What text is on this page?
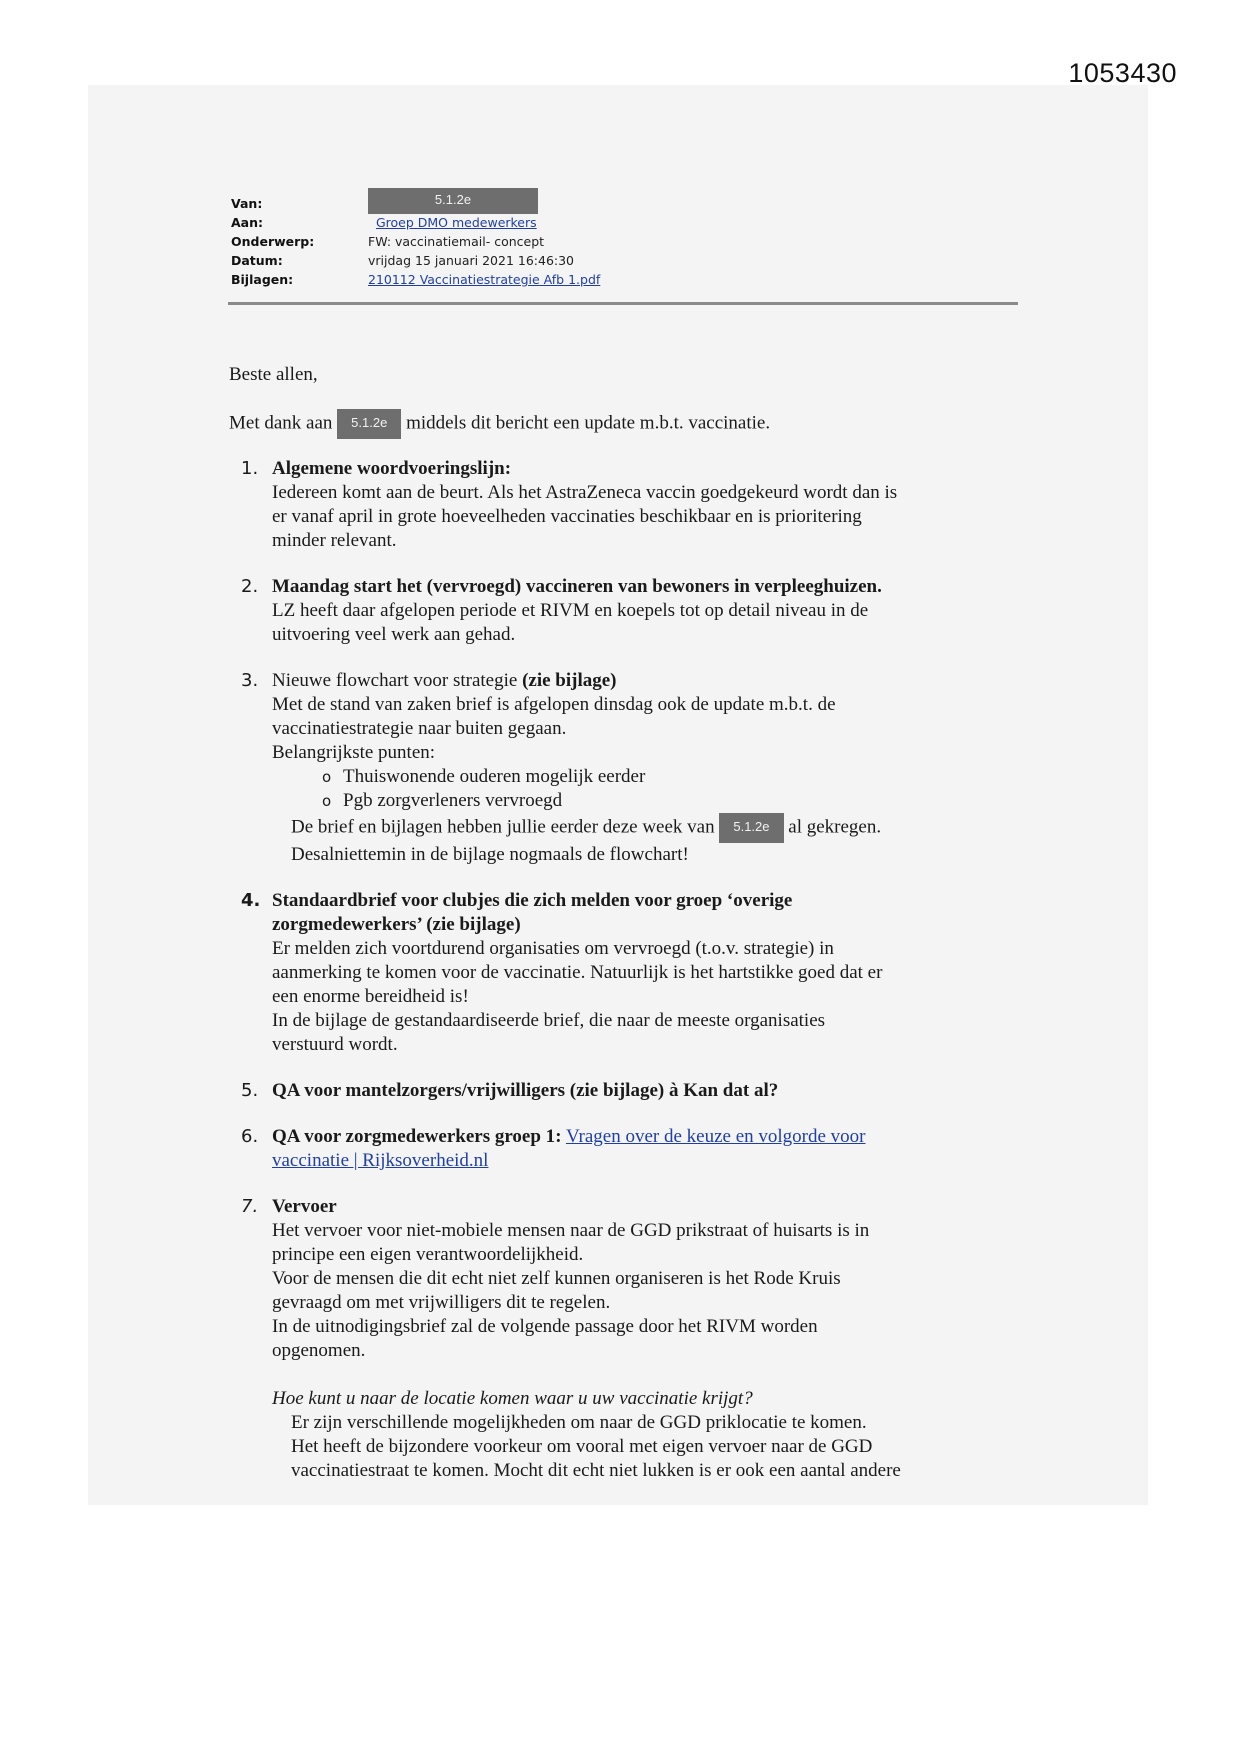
1053430
Van:	5.1.2e
Aan:	Groep DMO medewerkers
Onderwerp:	FW: vaccinatiemail- concept
Datum:	vrijdag 15 januari 2021 16:46:30
Bijlagen:	210112 Vaccinatiestrategie Afb 1.pdf

Beste allen,

Met dank aan 5.1.2e middels dit bericht een update m.b.t. vaccinatie.

1. Algemene woordvoeringslijn:

Iedereen komt aan de beurt. Als het AstraZeneca vaccin goedgekeurd wordt dan is

er vanaf april in grote hoeveelheden vaccinaties beschikbaar en is prioritering

minder relevant.

2. Maandag start het (vervroegd) vaccineren van bewoners in verpleeghuizen.

LZ heeft daar afgelopen periode et RIVM en koepels tot op detail niveau in de

uitvoering veel werk aan gehad.

3. Nieuwe flowchart voor strategie (zie bijlage)

Met de stand van zaken brief is afgelopen dinsdag ook de update m.b.t. de

vaccinatiestrategie naar buiten gegaan.

Belangrijkste punten:

o Thuiswonende ouderen mogelijk eerder
o Pgb zorgverleners vervroegd

De brief en bijlagen hebben jullie eerder deze week van 5.1.2e al gekregen.

Desalniettemin in de bijlage nogmaals de flowchart!

4. Standaardbrief voor clubjes die zich melden voor groep ‘overige

zorgmedewerkers’ (zie bijlage)

Er melden zich voortdurend organisaties om vervroegd (t.o.v. strategie) in

aanmerking te komen voor de vaccinatie. Natuurlijk is het hartstikke goed dat er

een enorme bereidheid is!

In de bijlage de gestandaardiseerde brief, die naar de meeste organisaties

verstuurd wordt.

5. QA voor mantelzorgers/vrijwilligers (zie bijlage) à Kan dat al?

6. QA voor zorgmedewerkers groep 1: Vragen over de keuze en volgorde voor

vaccinatie | Rijksoverheid.nl

7. Vervoer

Het vervoer voor niet-mobiele mensen naar de GGD prikstraat of huisarts is in

principe een eigen verantwoordelijkheid.

Voor de mensen die dit echt niet zelf kunnen organiseren is het Rode Kruis

gevraagd om met vrijwilligers dit te regelen.

In de uitnodigingsbrief zal de volgende passage door het RIVM worden

opgenomen.

Hoe kunt u naar de locatie komen waar u uw vaccinatie krijgt?

Er zijn verschillende mogelijkheden om naar de GGD priklocatie te komen.

Het heeft de bijzondere voorkeur om vooral met eigen vervoer naar de GGD

vaccinatiestraat te komen. Mocht dit echt niet lukken is er ook een aantal andere
